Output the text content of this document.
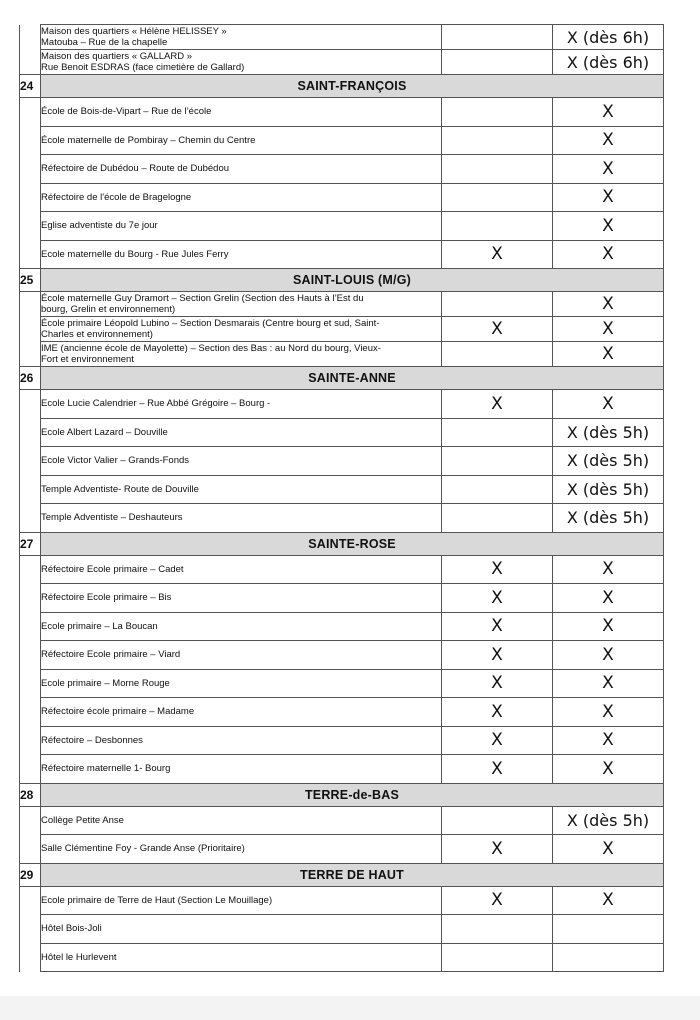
	Maison des quartiers « Hélène HELISSEY »
Matouba – Rue de la chapelle		X (dès 6h)
	Maison des quartiers « GALLARD »
Rue Benoit ESDRAS (face cimetière de Gallard)		X (dès 6h)
24	SAINT-FRANÇOIS		
	École de Bois-de-Vipart – Rue de l’école		X
	École maternelle de Pombiray – Chemin du Centre		X
	Réfectoire de Dubédou – Route de Dubédou		X
	Réfectoire de l'école de Bragelogne		X
	Eglise adventiste du 7e jour		X
	Ecole maternelle du Bourg - Rue Jules Ferry	X	X
25	SAINT-LOUIS (M/G)		
	École maternelle Guy Dramort – Section Grelin (Section des Hauts à l’Est du
bourg, Grelin et environnement)		X
	École primaire Léopold Lubino – Section Desmarais (Centre bourg et sud, Saint-
Charles et environnement)	X	X
	IME (ancienne école de Mayolette) – Section des Bas : au Nord du bourg, Vieux-
Fort et environnement		X
26	SAINTE-ANNE		
	Ecole Lucie Calendrier – Rue Abbé Grégoire – Bourg -	X	X
	Ecole Albert Lazard – Douville		X (dès 5h)
	Ecole Victor Valier – Grands-Fonds		X (dès 5h)
	Temple Adventiste- Route de Douville		X (dès 5h)
	Temple Adventiste – Deshauteurs		X (dès 5h)
27	SAINTE-ROSE		
	Réfectoire Ecole primaire – Cadet	X	X
	Réfectoire Ecole primaire – Bis	X	X
	Ecole primaire – La Boucan	X	X
	Réfectoire Ecole primaire – Viard	X	X
	Ecole primaire – Morne Rouge	X	X
	Réfectoire école primaire – Madame	X	X
	Réfectoire – Desbonnes	X	X
	Réfectoire maternelle 1- Bourg	X	X
28	TERRE-de-BAS		
	Collège Petite Anse		X (dès 5h)
	Salle Clémentine Foy - Grande Anse (Prioritaire)	X	X
29	TERRE DE HAUT		
	Ecole primaire de Terre de Haut (Section Le Mouillage)	X	X
	Hôtel Bois-Joli		
	Hôtel le Hurlevent		
